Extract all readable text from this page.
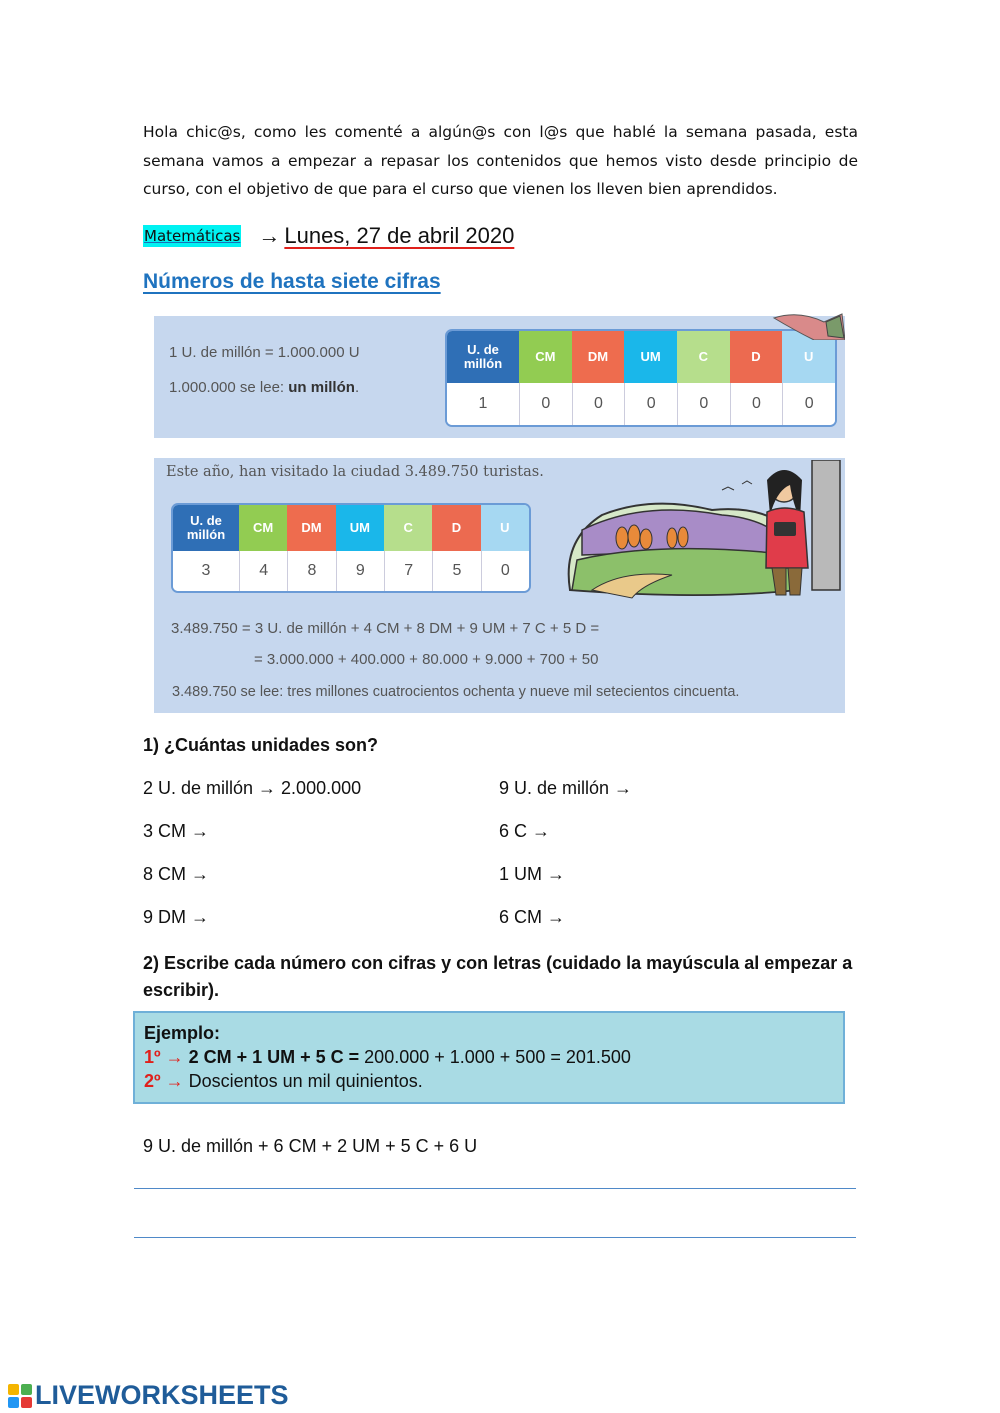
Hola chic@s, como les comenté a algún@s con l@s que hablé la semana pasada, esta semana vamos a empezar a repasar los contenidos que hemos visto desde principio de curso, con el objetivo de que para el curso que vienen los lleven bien aprendidos.
Matemáticas → Lunes, 27 de abril 2020
Números de hasta siete cifras
1 U. de millón = 1.000.000 U
1.000.000 se lee: un millón.
U. de millón	CM	DM	UM	C	D	U
1	0	0	0	0	0	0
Este año, han visitado la ciudad 3.489.750 turistas.
U. de millón	CM	DM	UM	C	D	U
3	4	8	9	7	5	0
3.489.750 = 3 U. de millón + 4 CM + 8 DM + 9 UM + 7 C + 5 D =
= 3.000.000 + 400.000 + 80.000 + 9.000 + 700 + 50
3.489.750 se lee: tres millones cuatrocientos ochenta y nueve mil setecientos cincuenta.
1) ¿Cuántas unidades son?
2 U. de millón → 2.000.000
3 CM →
8 CM →
9 DM →
9 U. de millón →
6 C →
1 UM →
6 CM →
2) Escribe cada número con cifras y con letras (cuidado la mayúscula al empezar a escribir).
Ejemplo:
1º → 2 CM + 1 UM + 5 C = 200.000 + 1.000 + 500 = 201.500
2º → Doscientos un mil quinientos.
9 U. de millón + 6 CM + 2 UM + 5 C + 6 U
LIVEWORKSHEETS
